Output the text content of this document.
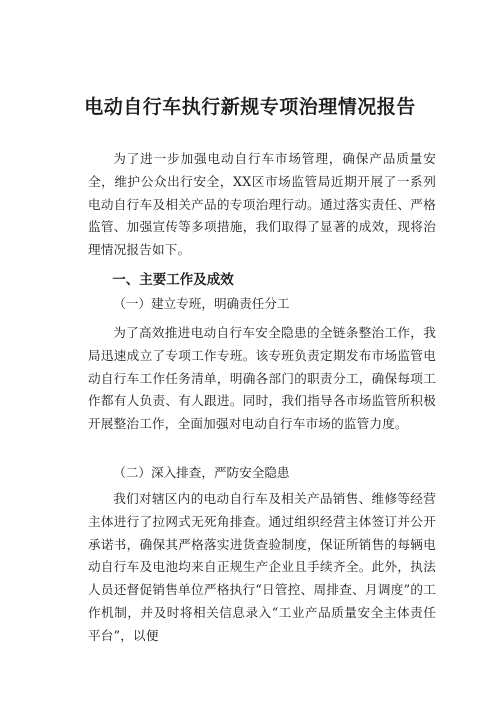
电动自行车执行新规专项治理情况报告

为了进一步加强电动自行车市场管理，确保产品质量安全，维护公众出行安全，XX区市场监管局近期开展了一系列电动自行车及相关产品的专项治理行动。通过落实责任、严格监管、加强宣传等多项措施，我们取得了显著的成效，现将治理情况报告如下。

一、主要工作及成效

（一）建立专班，明确责任分工

为了高效推进电动自行车安全隐患的全链条整治工作，我局迅速成立了专项工作专班。该专班负责定期发布市场监管电动自行车工作任务清单，明确各部门的职责分工，确保每项工作都有人负责、有人跟进。同时，我们指导各市场监管所积极开展整治工作，全面加强对电动自行车市场的监管力度。

（二）深入排查，严防安全隐患

我们对辖区内的电动自行车及相关产品销售、维修等经营主体进行了拉网式无死角排查。通过组织经营主体签订并公开承诺书，确保其严格落实进货查验制度，保证所销售的每辆电动自行车及电池均来自正规生产企业且手续齐全。此外，执法人员还督促销售单位严格执行“日管控、周排查、月调度”的工作机制，并及时将相关信息录入“工业产品质量安全主体责任平台”，以便
